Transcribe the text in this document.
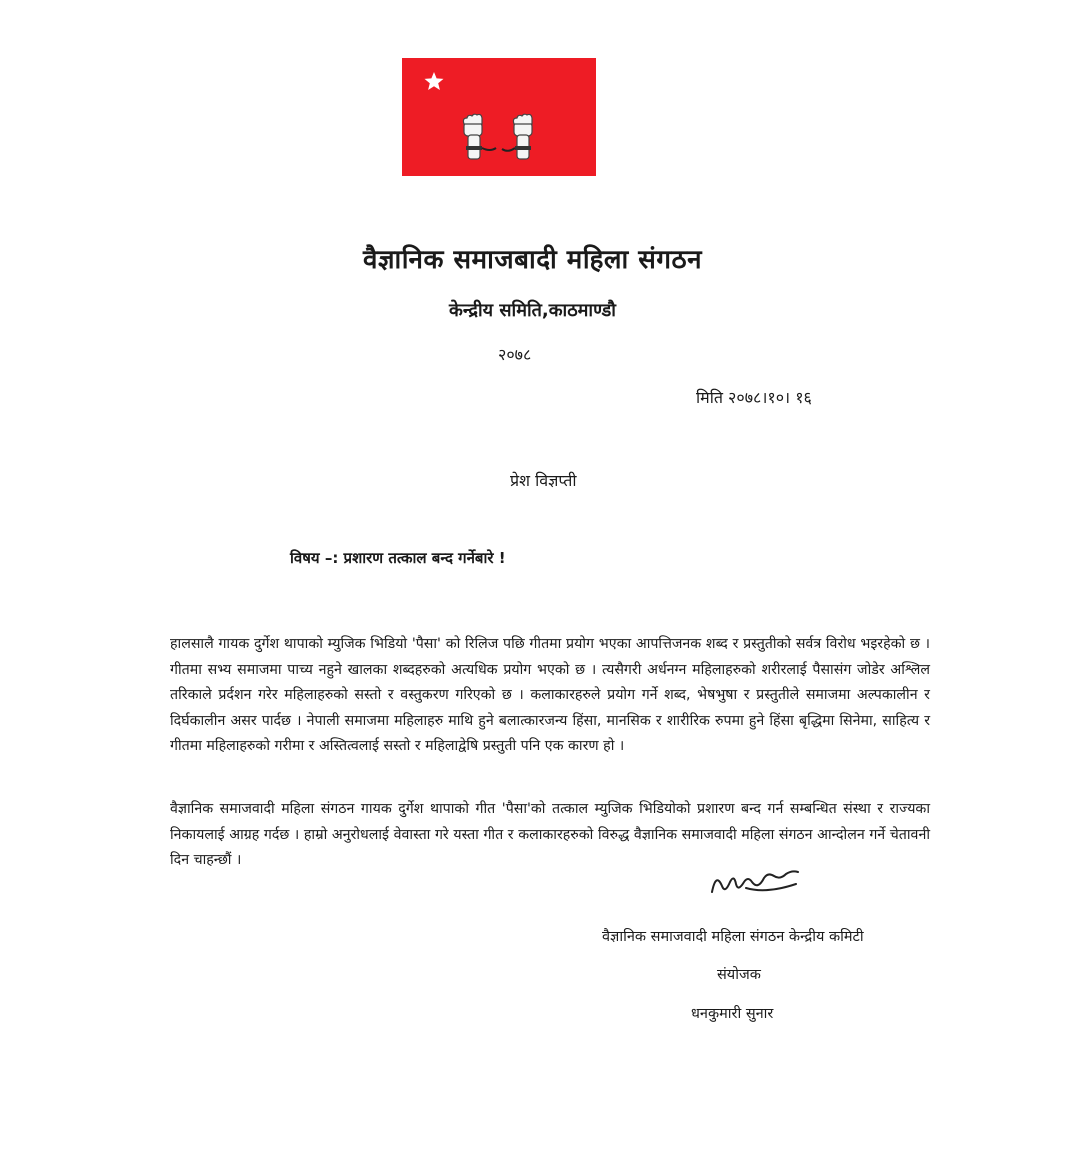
वैज्ञानिक समाजबादी महिला संगठन
केन्द्रीय समिति,काठमाण्डौ
२०७८
मिति २०७८।१०। १६
प्रेश विज्ञप्ती
विषय –: प्रशारण तत्काल बन्द गर्नेबारे !

हालसालै गायक दुर्गेश थापाको म्युजिक भिडियो 'पैसा' को रिलिज पछि गीतमा प्रयोग भएका आपत्तिजनक शब्द र प्रस्तुतीको सर्वत्र विरोध भइरहेको छ । गीतमा सभ्य समाजमा पाच्य नहुने खालका शब्दहरुको अत्यधिक प्रयोग भएको छ । त्यसैगरी अर्धनग्न महिलाहरुको शरीरलाई पैसासंग जोडेर अश्लिल तरिकाले प्रर्दशन गरेर महिलाहरुको सस्तो र वस्तुकरण गरिएको छ । कलाकारहरुले प्रयोग गर्ने शब्द, भेषभुषा र प्रस्तुतीले समाजमा अल्पकालीन र दिर्घकालीन असर पार्दछ । नेपाली समाजमा महिलाहरु माथि हुने बलात्कारजन्य हिंसा, मानसिक र शारीरिक रुपमा हुने हिंसा बृद्धिमा सिनेमा, साहित्य र गीतमा महिलाहरुको गरीमा र अस्तित्वलाई सस्तो र महिलाद्वेषि प्रस्तुती पनि एक कारण हो ।

वैज्ञानिक समाजवादी महिला संगठन गायक दुर्गेश थापाको गीत 'पैसा'को तत्काल म्युजिक भिडियोको प्रशारण बन्द गर्न सम्बन्धित संस्था र राज्यका निकायलाई आग्रह गर्दछ । हाम्रो अनुरोधलाई वेवास्ता गरे यस्ता गीत र कलाकारहरुको विरुद्ध वैज्ञानिक समाजवादी महिला संगठन आन्दोलन गर्ने चेतावनी दिन चाहन्छौं ।

वैज्ञानिक समाजवादी महिला संगठन केन्द्रीय कमिटी
संयोजक
धनकुमारी सुनार
